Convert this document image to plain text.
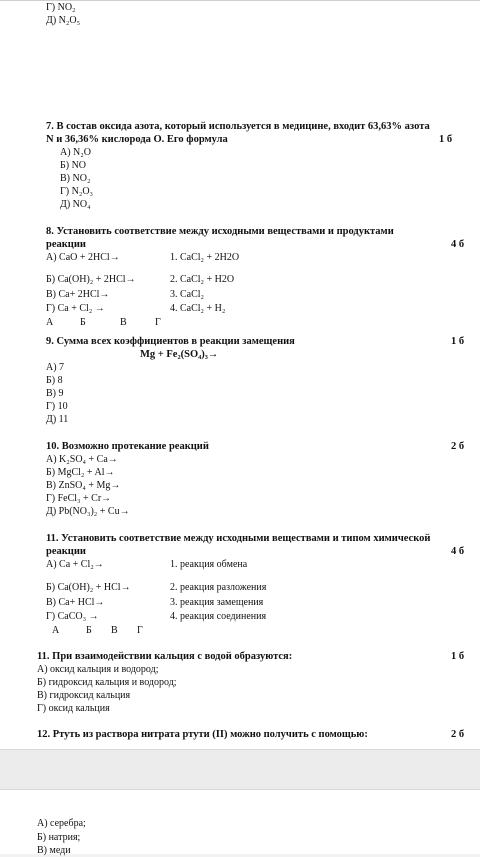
Г) NO₂
Д) N₂O₅
7. В состав оксида азота, который используется в медицине, входит 63,63% азота
N и 36,36% кислорода О. Его формула	1 б
А) N₂O
Б) NO
В) NO₂
Г) N₂O₃
Д) NO₄
8. Установить соответствие между исходными веществами и продуктами
реакции	4 б
А) CaO + 2HCl→	1. CaCl₂ + 2H2O
Б) Ca(OH)₂ + 2HCl→	2. CaCl₂ + H2O
В) Ca+ 2HCl→	3. CaCl₂
Г) Ca + Cl₂ →	4. CaCl₂ + H₂
А	Б	В	Г
9. Сумма всех коэффициентов в реакции замещения	1 б
Mg + Fe₂(SO₄)₃→
А) 7
Б) 8
В) 9
Г) 10
Д) 11
10. Возможно протекание реакций	2 б
А) K₂SO₄ + Ca→
Б) MgCl₂ + Al→
В) ZnSO₄ + Mg→
Г) FeCl₃ + Cr→
Д) Pb(NO₃)₂ + Cu→
11. Установить соответствие между исходными веществами и типом химической
реакции	4 б
А) Ca + Cl₂→	1. реакция обмена
Б) Ca(OH)₂ + HCl→	2. реакция разложения
В) Ca+ HCl→	3. реакция замещения
Г) CaCO₃ →	4. реакция соединения
А	Б В Г
11. При взаимодействии кальция с водой образуются:	1 б
А) оксид кальция и водород;
Б) гидроксид кальция и водород;
В) гидроксид кальция
Г) оксид кальция
12. Ртуть из раствора нитрата ртути (II) можно получить с помощью:	2 б
А) серебра;
Б) натрия;
В) меди
